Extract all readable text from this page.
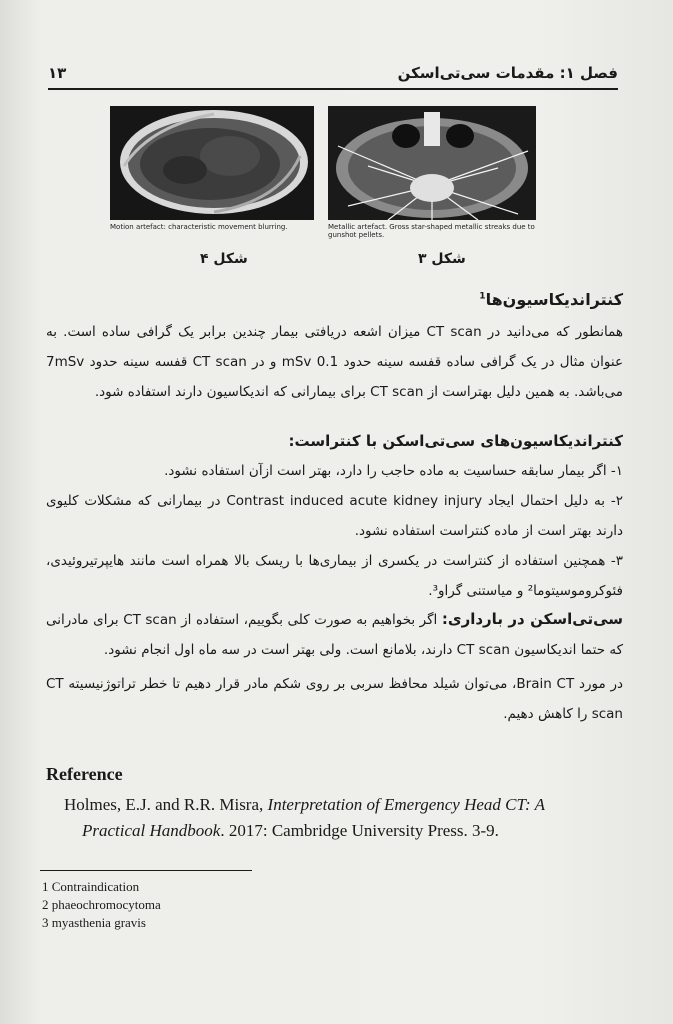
فصل ۱: مقدمات سی‌تی‌اسکن
۱۳
Motion artefact: characteristic movement blurring.	Metallic artefact. Gross star-shaped metallic streaks due to gunshot pellets.
شکل ۴	شکل ۳
کنتراندیکاسیون‌ها$^1$

همانطور که می‌دانید در CT scan میزان اشعه دریافتی بیمار چندین برابر یک گرافی ساده است. به عنوان مثال در یک گرافی ساده قفسه سینه حدود 0.1 mSv و در CT scan قفسه سینه حدود 7mSv می‌باشد. به همین دلیل بهتراست از CT scan برای بیمارانی که اندیکاسیون دارند استفاده شود.

کنتراندیکاسیون‌های سی‌تی‌اسکن با کنتراست:

۱- اگر بیمار سابقه حساسیت به ماده حاجب را دارد، بهتر است ازآن استفاده نشود.

۲- به دلیل احتمال ایجاد Contrast induced acute kidney injury در بیمارانی که مشکلات کلیوی دارند بهتر است از ماده کنتراست استفاده نشود.

۳- همچنین استفاده از کنتراست در یکسری از بیماری‌ها با ریسک بالا همراه است مانند هایپرتیروئیدی، فئوکروموسیتوما² و میاستنی گراو³.

سی‌تی‌اسکن در بارداری: اگر بخواهیم به صورت کلی بگوییم، استفاده از CT scan برای مادرانی که حتما اندیکاسیون CT scan دارند، بلامانع است. ولی بهتر است در سه ماه اول انجام نشود.

در مورد Brain CT، می‌توان شیلد محافظ سربی بر روی شکم مادر قرار دهیم تا خطر تراتوژنیسیته CT scan را کاهش دهیم.

Reference
Holmes, E.J. and R.R. Misra, Interpretation of Emergency Head CT: A
Practical Handbook. 2017: Cambridge University Press. 3-9.
1 Contraindication
2 phaeochromocytoma
3 myasthenia gravis
